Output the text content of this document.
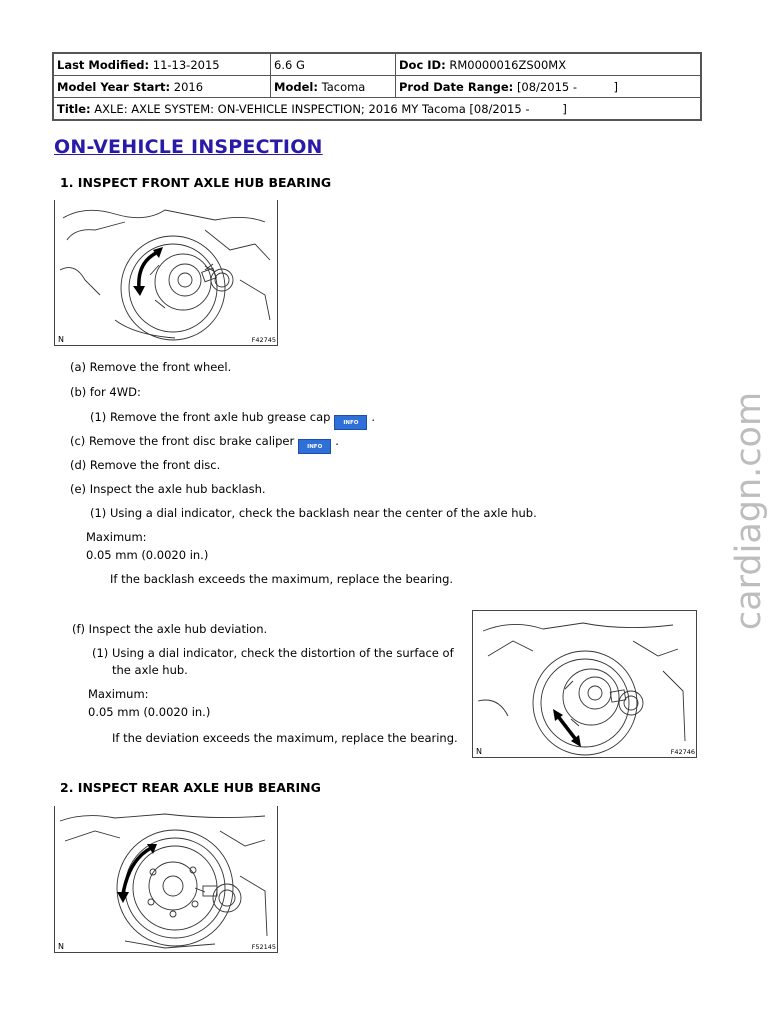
Last Modified: 11-13-2015	6.6 G	Doc ID: RM0000016ZS00MX
Model Year Start: 2016	Model: Tacoma	Prod Date Range: [08/2015 -          ]
Title: AXLE: AXLE SYSTEM: ON-VEHICLE INSPECTION; 2016 MY Tacoma [08/2015 -         ]		
ON-VEHICLE INSPECTION
1. INSPECT FRONT AXLE HUB BEARING
N	F42745

(a) Remove the front wheel.

(b) for 4WD:

(1) Remove the front axle hub grease cap INFO .

(c) Remove the front disc brake caliper INFO .

(d) Remove the front disc.

(e) Inspect the axle hub backlash.

(1) Using a dial indicator, check the backlash near the center of the axle hub.

Maximum:

0.05 mm (0.0020 in.)

If the backlash exceeds the maximum, replace the bearing.

(f) Inspect the axle hub deviation.

(1) Using a dial indicator, check the distortion of the surface of

the axle hub.

Maximum:

0.05 mm (0.0020 in.)

If the deviation exceeds the maximum, replace the bearing.

N	F42746
2. INSPECT REAR AXLE HUB BEARING
N	F52145
cardiagn.com
